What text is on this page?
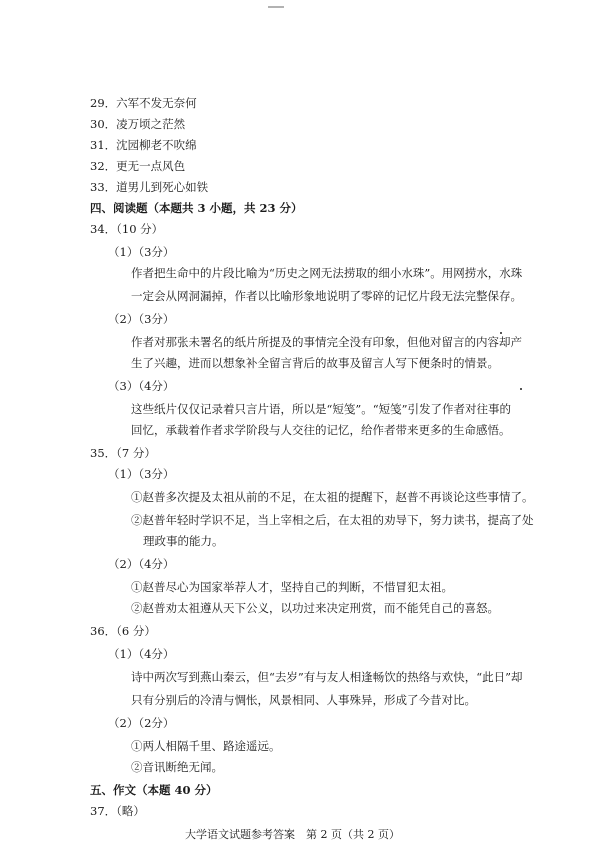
29．六军不发无奈何
30．凌万顷之茫然
31．沈园柳老不吹绵
32．更无一点风色
33．道男儿到死心如铁
四、阅读题（本题共 3 小题，共 23 分）
34．（10 分）
（1）（3分）
作者把生命中的片段比喻为“历史之网无法捞取的细小水珠”。用网捞水，水珠
一定会从网洞漏掉，作者以比喻形象地说明了零碎的记忆片段无法完整保存。
（2）（3分）
作者对那张未署名的纸片所提及的事情完全没有印象，但他对留言的内容却产
生了兴趣，进而以想象补全留言背后的故事及留言人写下便条时的情景。
（3）（4分）
这些纸片仅仅记录着只言片语，所以是“短笺”。“短笺”引发了作者对往事的
回忆，承载着作者求学阶段与人交往的记忆，给作者带来更多的生命感悟。
35．（7 分）
（1）（3分）
①赵普多次提及太祖从前的不足，在太祖的提醒下，赵普不再谈论这些事情了。
②赵普年轻时学识不足，当上宰相之后，在太祖的劝导下，努力读书，提高了处
理政事的能力。
（2）（4分）
①赵普尽心为国家举荐人才，坚持自己的判断，不惜冒犯太祖。
②赵普劝太祖遵从天下公义，以功过来决定刑赏，而不能凭自己的喜怒。
36．（6 分）
（1）（4分）
诗中两次写到燕山秦云，但“去岁”有与友人相逢畅饮的热络与欢快，“此日”却
只有分别后的冷清与惆怅，风景相同、人事殊异，形成了今昔对比。
（2）（2分）
①两人相隔千里、路途遥远。
②音讯断绝无闻。
五、作文（本题 40 分）
37．（略）
大学语文试题参考答案　第 2 页（共 2 页）
